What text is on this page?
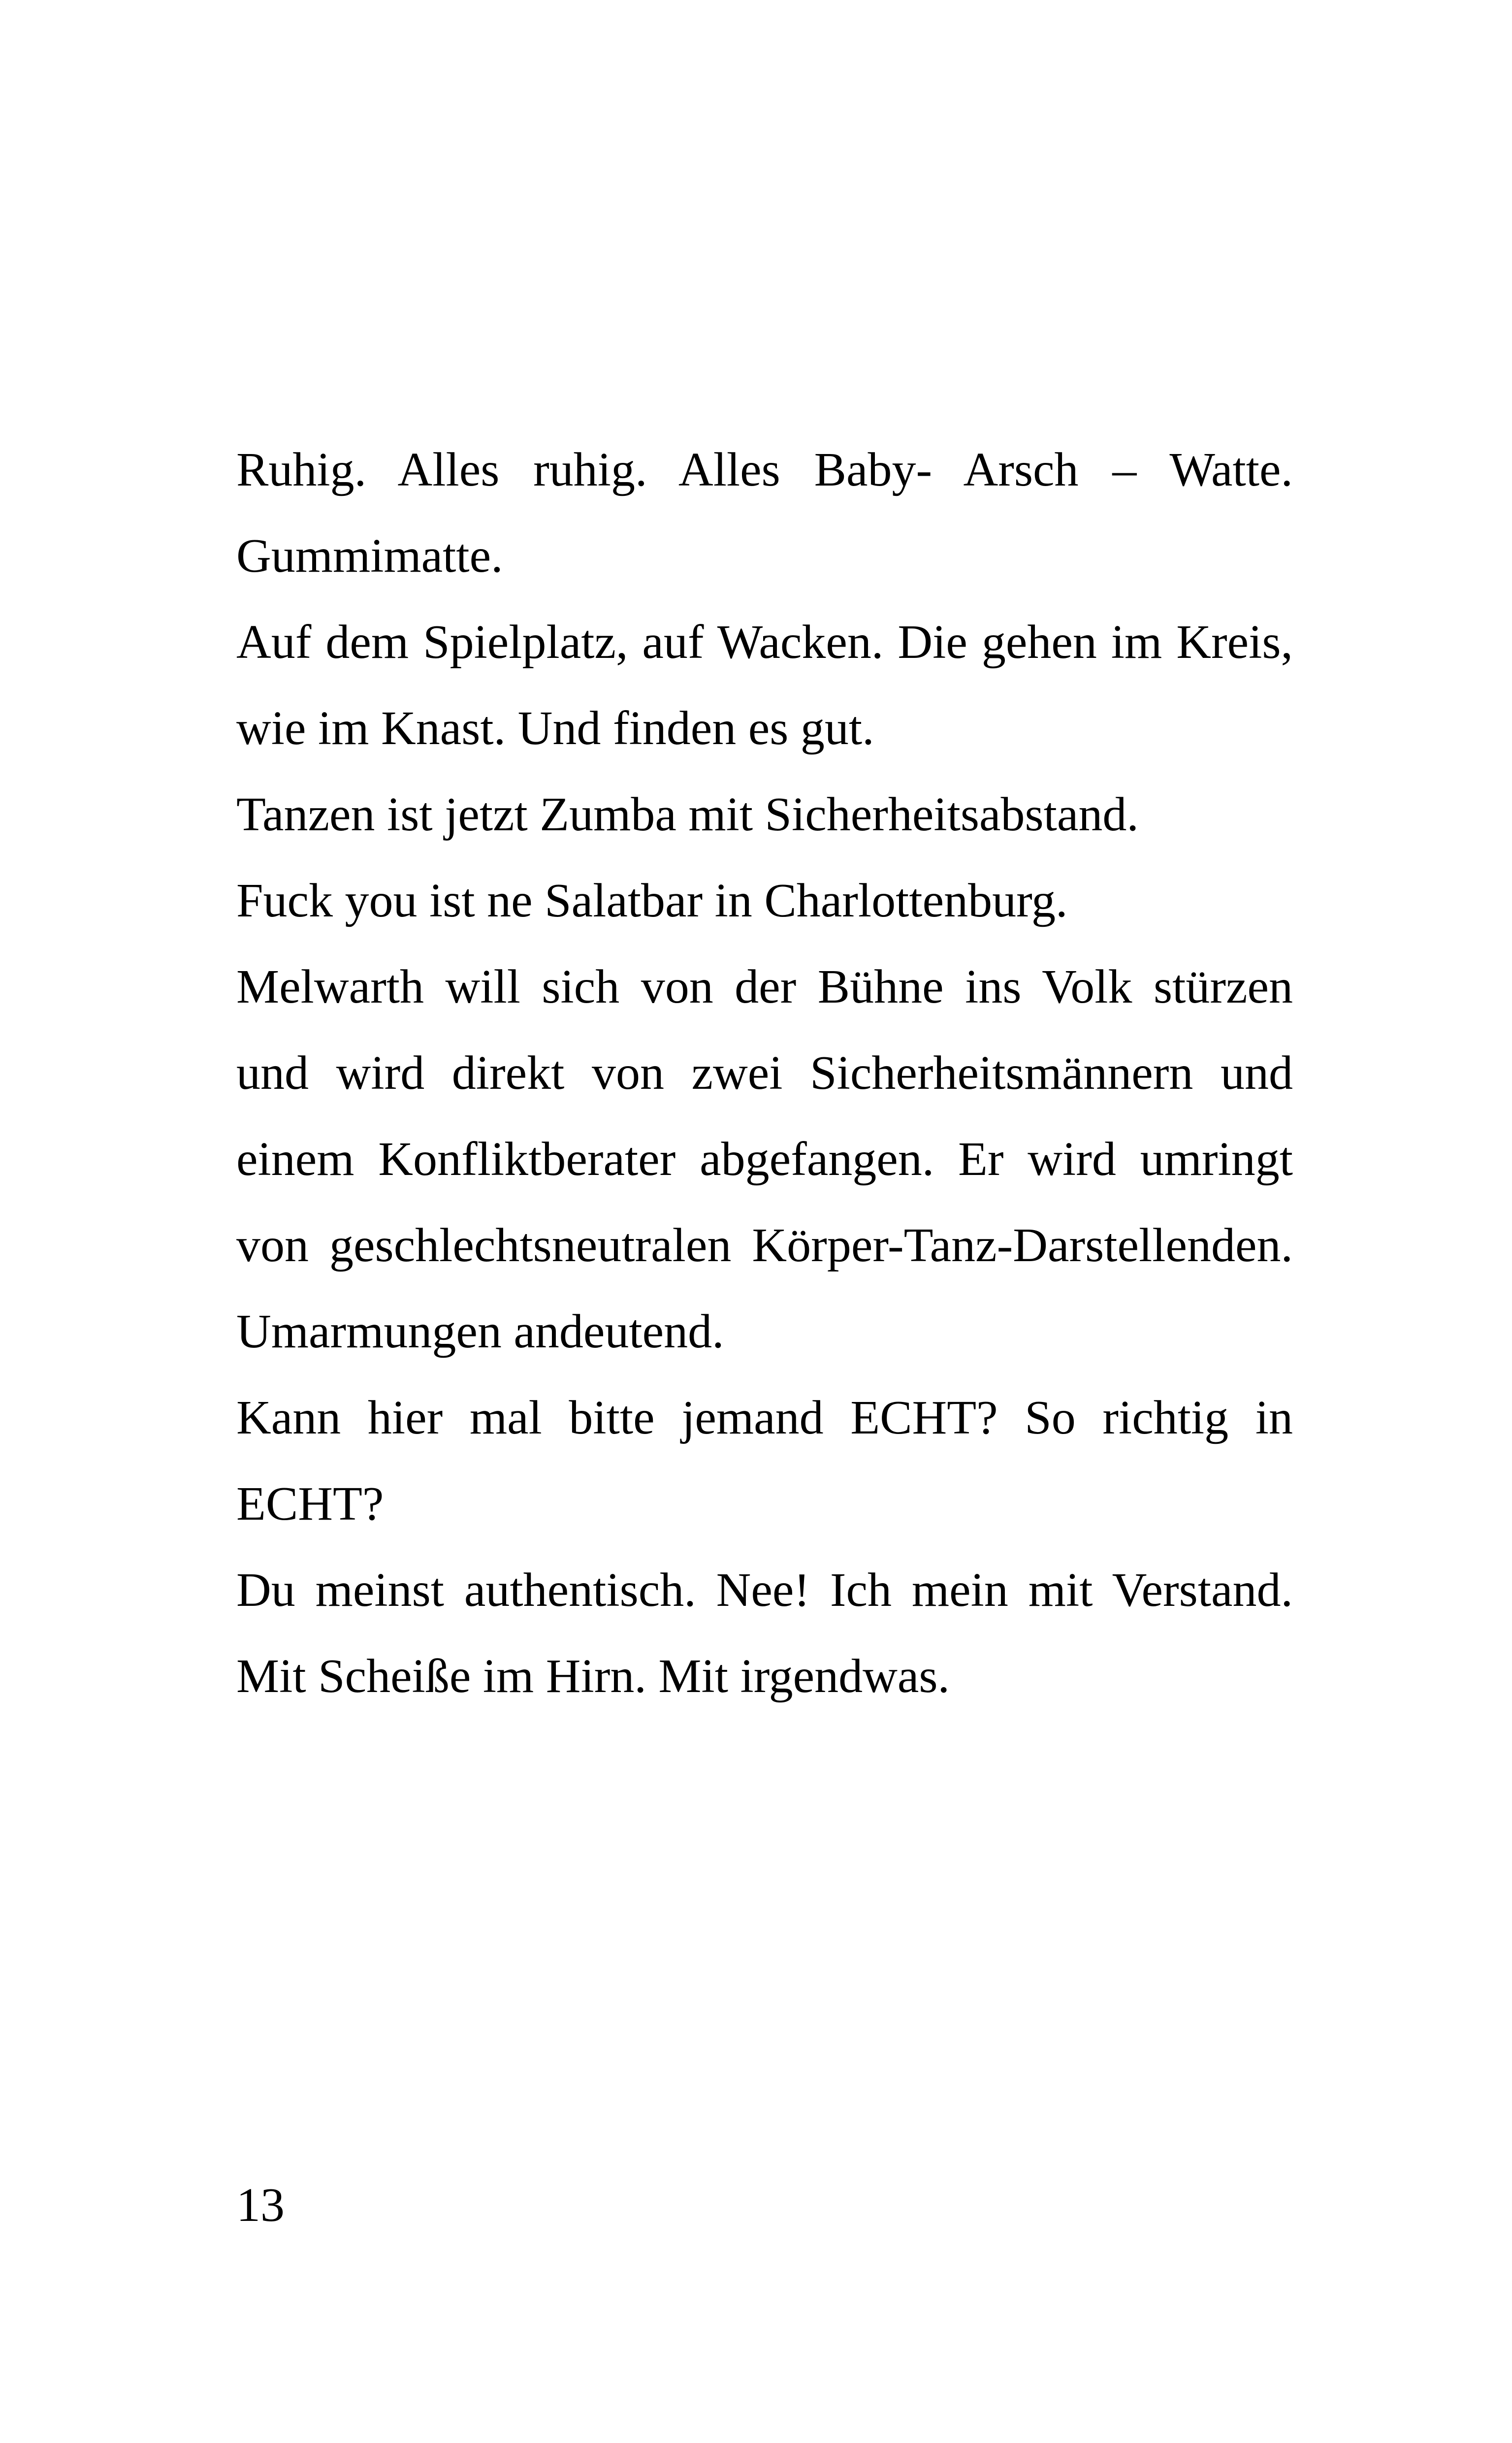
Ruhig. Alles ruhig. Alles Baby- Arsch – Watte. Gummimatte.

Auf dem Spielplatz, auf Wacken. Die gehen im Kreis, wie im Knast. Und finden es gut.

Tanzen ist jetzt Zumba mit Sicherheitsabstand.

Fuck you ist ne Salatbar in Charlottenburg.

Melwarth will sich von der Bühne ins Volk stürzen und wird direkt von zwei Sicherheitsmännern und einem Konfliktberater abgefangen. Er wird umringt von geschlechtsneutralen Körper-Tanz-Darstellenden. Umarmungen andeutend.

Kann hier mal bitte jemand ECHT? So richtig in ECHT?

Du meinst authentisch. Nee! Ich mein mit Verstand. Mit Scheiße im Hirn. Mit irgendwas.

13
